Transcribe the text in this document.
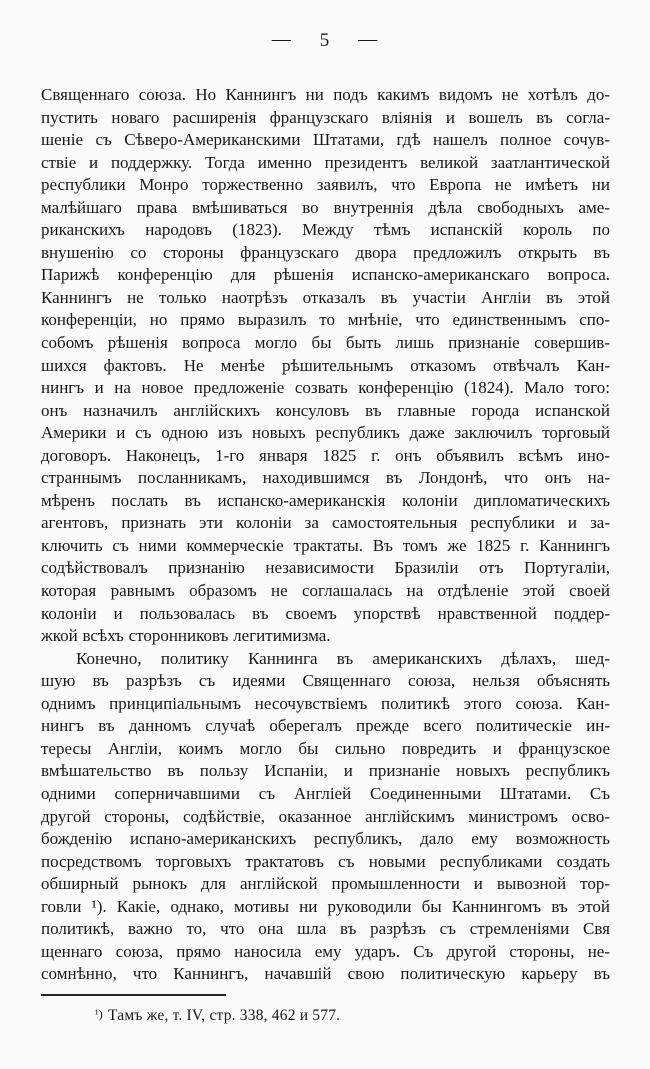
— 5 —
Священнаго союза. Но Каннингъ ни подъ какимъ видомъ не хотѣлъ до-
пустить новаго расширенія французскаго вліянія и вошелъ въ согла-
шеніе съ Сѣверо-Американскими Штатами, гдѣ нашелъ полное сочув-
ствіе и поддержку. Тогда именно президентъ великой заатлантической
республики Монро торжественно заявилъ, что Европа не имѣетъ ни
малѣйшаго права вмѣшиваться во внутреннія дѣла свободныхъ аме-
риканскихъ народовъ (1823). Между тѣмъ испанскій король по
внушенію со стороны французскаго двора предложилъ открыть въ
Парижѣ конференцію для рѣшенія испанско-американскаго вопроса.
Каннингъ не только наотрѣзъ отказалъ въ участіи Англіи въ этой
конференціи, но прямо выразилъ то мнѣніе, что единственнымъ спо-
собомъ рѣшенія вопроса могло бы быть лишь признаніе совершив-
шихся фактовъ. Не менѣе рѣшительнымъ отказомъ отвѣчалъ Кан-
нингъ и на новое предложеніе созвать конференцію (1824). Мало того:
онъ назначилъ англійскихъ консуловъ въ главные города испанской
Америки и съ одною изъ новыхъ республикъ даже заключилъ торговый
договоръ. Наконецъ, 1-го января 1825 г. онъ объявилъ всѣмъ ино-
страннымъ посланникамъ, находившимся въ Лондонѣ, что онъ на-
мѣренъ послать въ испанско-американскія колоніи дипломатическихъ
агентовъ, признать эти колоніи за самостоятельныя республики и за-
ключить съ ними коммерческіе трактаты. Въ томъ же 1825 г. Каннингъ
содѣйствовалъ признанію независимости Бразиліи отъ Португаліи,
которая равнымъ образомъ не соглашалась на отдѣленіе этой своей
колоніи и пользовалась въ своемъ упорствѣ нравственной поддер-
жкой всѣхъ сторонниковъ легитимизма.
Конечно, политику Каннинга въ американскихъ дѣлахъ, шед-
шую въ разрѣзъ съ идеями Священнаго союза, нельзя объяснять
однимъ принципіальнымъ несочувствіемъ политикѣ этого союза. Кан-
нингъ въ данномъ случаѣ оберегалъ прежде всего политическіе ин-
тересы Англіи, коимъ могло бы сильно повредить и французское
вмѣшательство въ пользу Испаніи, и признаніе новыхъ республикъ
одними соперничавшими съ Англіей Соединенными Штатами. Съ
другой стороны, содѣйствіе, оказанное англійскимъ министромъ осво-
божденію испано-американскихъ республикъ, дало ему возможность
посредствомъ торговыхъ трактатовъ съ новыми республиками создать
обширный рынокъ для англійской промышленности и вывозной тор-
говли ¹). Какіе, однако, мотивы ни руководили бы Каннингомъ въ этой
политикѣ, важно то, что она шла въ разрѣзъ съ стремленіями Свя
щеннаго союза, прямо наносила ему ударъ. Съ другой стороны, не-
сомнѣнно, что Каннингъ, начавшій свою политическую карьеру въ
¹) Тамъ же, т. IV, стр. 338, 462 и 577.
